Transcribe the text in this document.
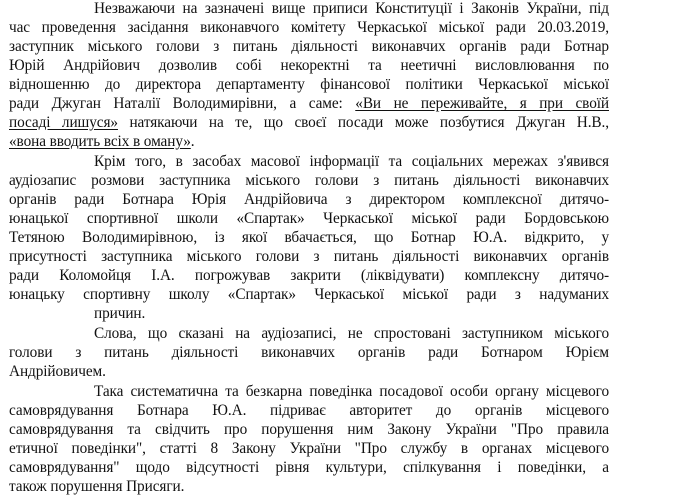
Незважаючи на зазначені вище приписи Конституції і Законів України, під
час проведення засідання виконавчого комітету Черкаської міської ради 20.03.2019,
заступник міського голови з питань діяльності виконавчих органів ради Ботнар
Юрій Андрійович дозволив собі некоректні та неетичні висловлювання по
відношенню до директора департаменту фінансової політики Черкаської міської
ради Джуган Наталії Володимирівни, а саме: «Ви не переживайте, я при своїй
посаді лишуся» натякаючи на те, що своєї посади може позбутися Джуган Н.В.,
«вона вводить всіх в оману».
Крім того, в засобах масової інформації та соціальних мережах з'явився
аудіозапис розмови заступника міського голови з питань діяльності виконавчих
органів ради Ботнара Юрія Андрійовича з директором комплексної дитячо-
юнацької спортивної школи «Спартак» Черкаської міської ради Бордовською
Тетяною Володимирівною, із якої вбачається, що Ботнар Ю.А. відкрито, у
присутності заступника міського голови з питань діяльності виконавчих органів
ради Коломойця І.А. погрожував закрити (ліквідувати) комплексну дитячо-
юнацьку спортивну школу «Спартак» Черкаської міської ради з надуманих
причин.
Слова, що сказані на аудіозаписі, не спростовані заступником міського
голови з питань діяльності виконавчих органів ради Ботнаром Юрієм
Андрійовичем.
Така систематична та безкарна поведінка посадової особи органу місцевого
самоврядування Ботнара Ю.А. підриває авторитет до органів місцевого
самоврядування та свідчить про порушення ним Закону України "Про правила
етичної поведінки", статті 8 Закону України "Про службу в органах місцевого
самоврядування" щодо відсутності рівня культури, спілкування і поведінки, а
також порушення Присяги.
